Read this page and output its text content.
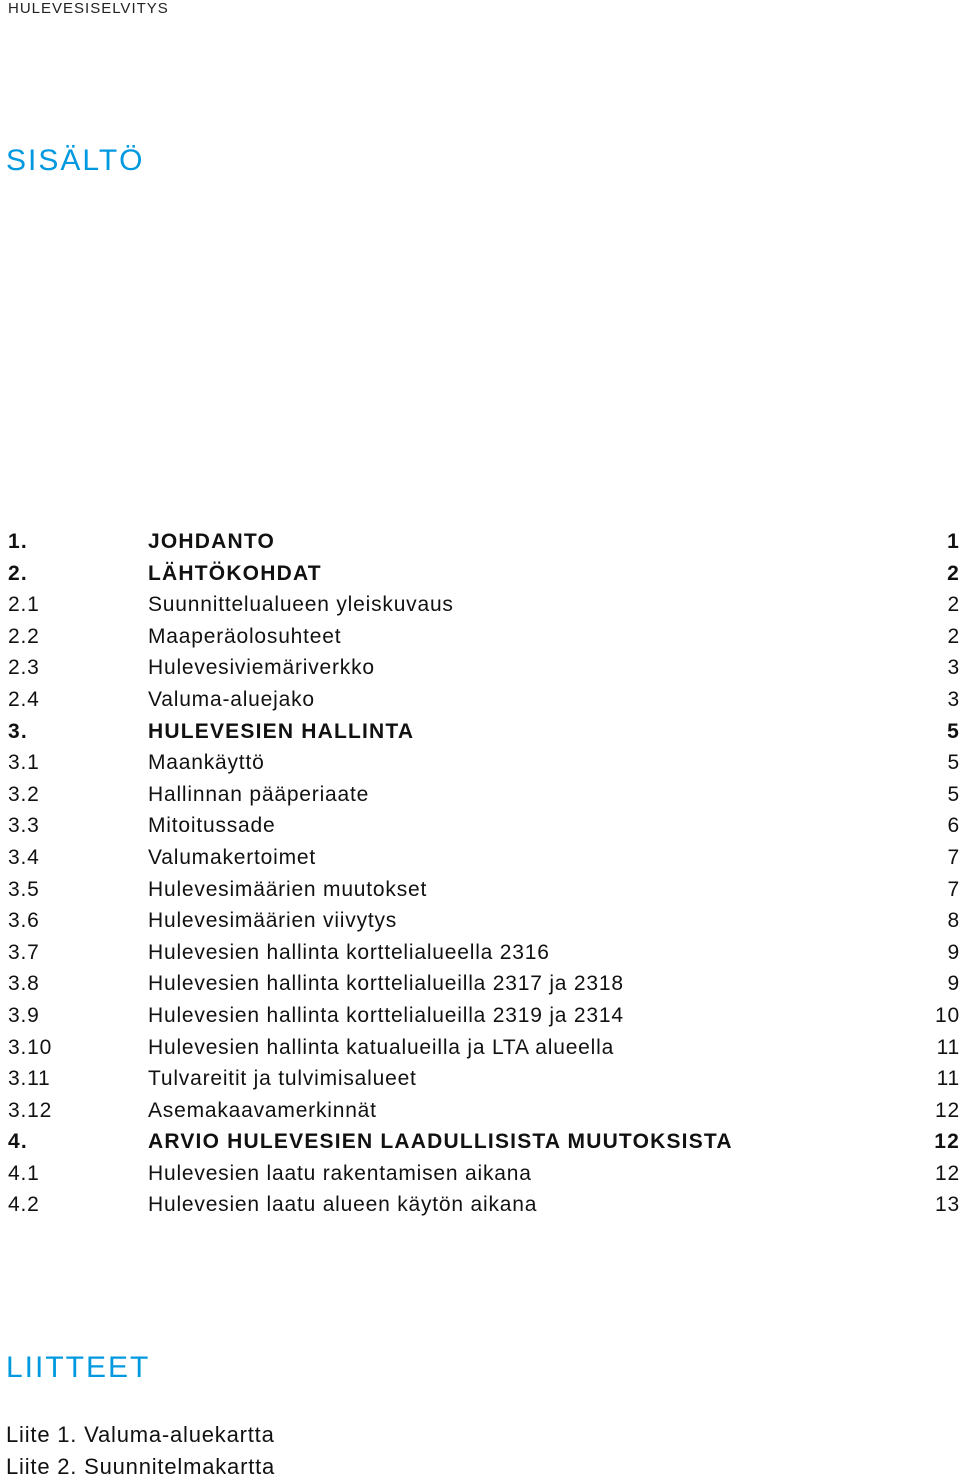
HULEVESISELVITYS
SISÄLTÖ
1.	JOHDANTO	1
2.	LÄHTÖKOHDAT	2
2.1	Suunnittelualueen yleiskuvaus	2
2.2	Maaperäolosuhteet	2
2.3	Hulevesiviemäriverkko	3
2.4	Valuma-aluejako	3
3.	HULEVESIEN HALLINTA	5
3.1	Maankäyttö	5
3.2	Hallinnan pääperiaate	5
3.3	Mitoitussade	6
3.4	Valumakertoimet	7
3.5	Hulevesimäärien muutokset	7
3.6	Hulevesimäärien viivytys	8
3.7	Hulevesien hallinta korttelialueella 2316	9
3.8	Hulevesien hallinta korttelialueilla 2317 ja 2318	9
3.9	Hulevesien hallinta korttelialueilla 2319 ja 2314	10
3.10	Hulevesien hallinta katualueilla ja LTA alueella	11
3.11	Tulvareitit ja tulvimisalueet	11
3.12	Asemakaavamerkinnät	12
4.	ARVIO HULEVESIEN LAADULLISISTA MUUTOKSISTA	12
4.1	Hulevesien laatu rakentamisen aikana	12
4.2	Hulevesien laatu alueen käytön aikana	13
LIITTEET
Liite 1. Valuma-aluekartta
Liite 2. Suunnitelmakartta
